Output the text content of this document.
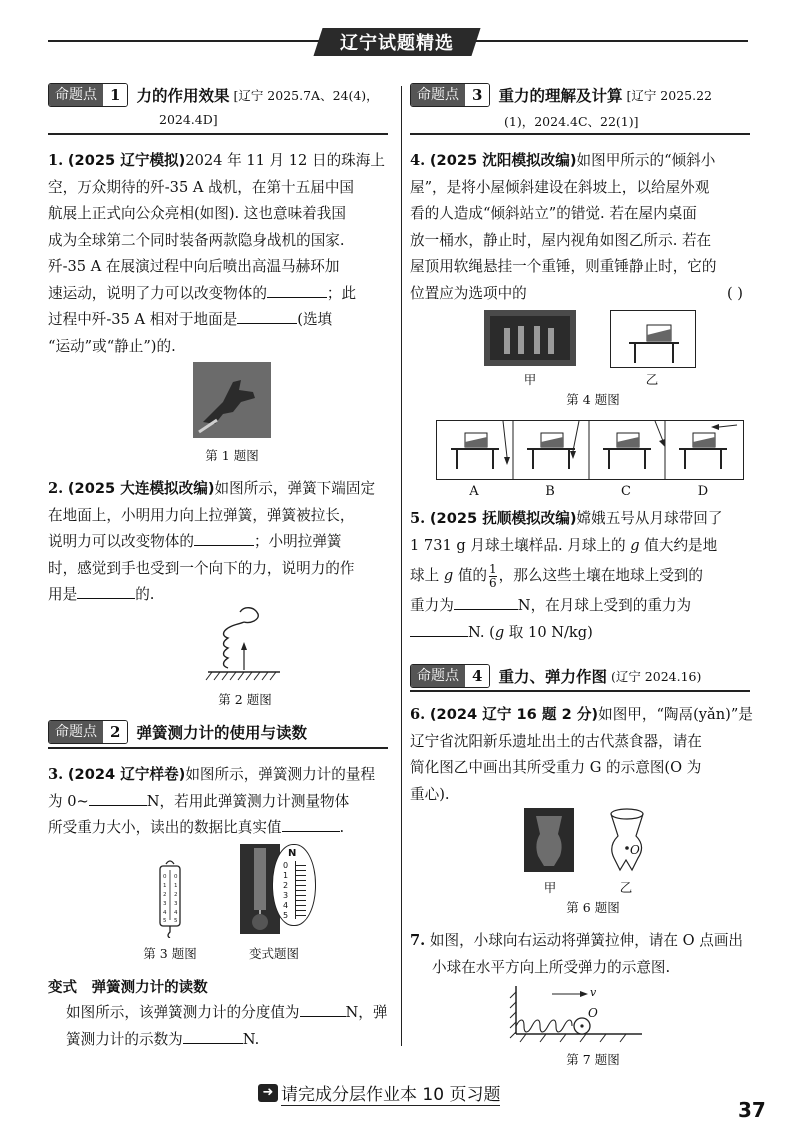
辽宁试题精选
命题点 1	力的作用效果 [辽宁 2025.7A、24(4)，
2024.4D]
1. (2025 辽宁模拟)2024 年 11 月 12 日的珠海上
空，万众期待的歼-35 A 战机，在第十五届中国
航展上正式向公众亮相(如图). 这也意味着我国
成为全球第二个同时装备两款隐身战机的国家.
歼-35 A 在展演过程中向后喷出高温马赫环加
速运动，说明了力可以改变物体的	；此
过程中歼-35 A 相对于地面是	(选填
“运动”或“静止”)的.
第 1 题图
2. (2025 大连模拟改编)如图所示，弹簧下端固定
在地面上，小明用力向上拉弹簧，弹簧被拉长，
说明力可以改变物体的	；小明拉弹簧
时，感觉到手也受到一个向下的力，说明力的作
用是	的.
第 2 题图
命题点 2	弹簧测力计的使用与读数
3. (2024 辽宁样卷)如图所示，弹簧测力计的量程
为 0~	N，若用此弹簧测力计测量物体
所受重力大小，读出的数据比真实值	.
0
1
2
3
4
5
0
1
2
3
4
5
N
0
1
2
3
4
5
第 3 题图	变式题图
变式 弹簧测力计的读数
如图所示，该弹簧测力计的分度值为	N，弹
簧测力计的示数为	N.
命题点 3	重力的理解及计算 [辽宁 2025.22
(1)，2024.4C、22(1)]
4. (2025 沈阳模拟改编)如图甲所示的“倾斜小
屋”，是将小屋倾斜建设在斜坡上，以给屋外观
看的人造成“倾斜站立”的错觉. 若在屋内桌面
放一桶水，静止时，屋内视角如图乙所示. 若在
屋顶用软绳悬挂一个重锤，则重锤静止时，它的
位置应为选项中的	( )
甲	乙
第 4 题图
A	B	C	D
5. (2025 抚顺模拟改编)嫦娥五号从月球带回了
1 731 g 月球土壤样品. 月球上的 g 值大约是地
球上 g 值的 $\frac{1}{6}$ ，那么这些土壤在地球上受到的
重力为	N，在月球上受到的重力为
N. (g 取 10 N/kg)
命题点 4	重力、弹力作图 (辽宁 2024.16)
6. (2024 辽宁 16 题 2 分)如图甲，“陶鬲(yǎn)”是
辽宁省沈阳新乐遗址出土的古代蒸食器，请在
简化图乙中画出其所受重力 G 的示意图(O 为
重心).
O
甲	乙
第 6 题图
7. 如图，小球向右运动将弹簧拉伸，请在 O 点画出
小球在水平方向上所受弹力的示意图.
v
O
第 7 题图
➜ 请完成分层作业本 10 页习题
37
